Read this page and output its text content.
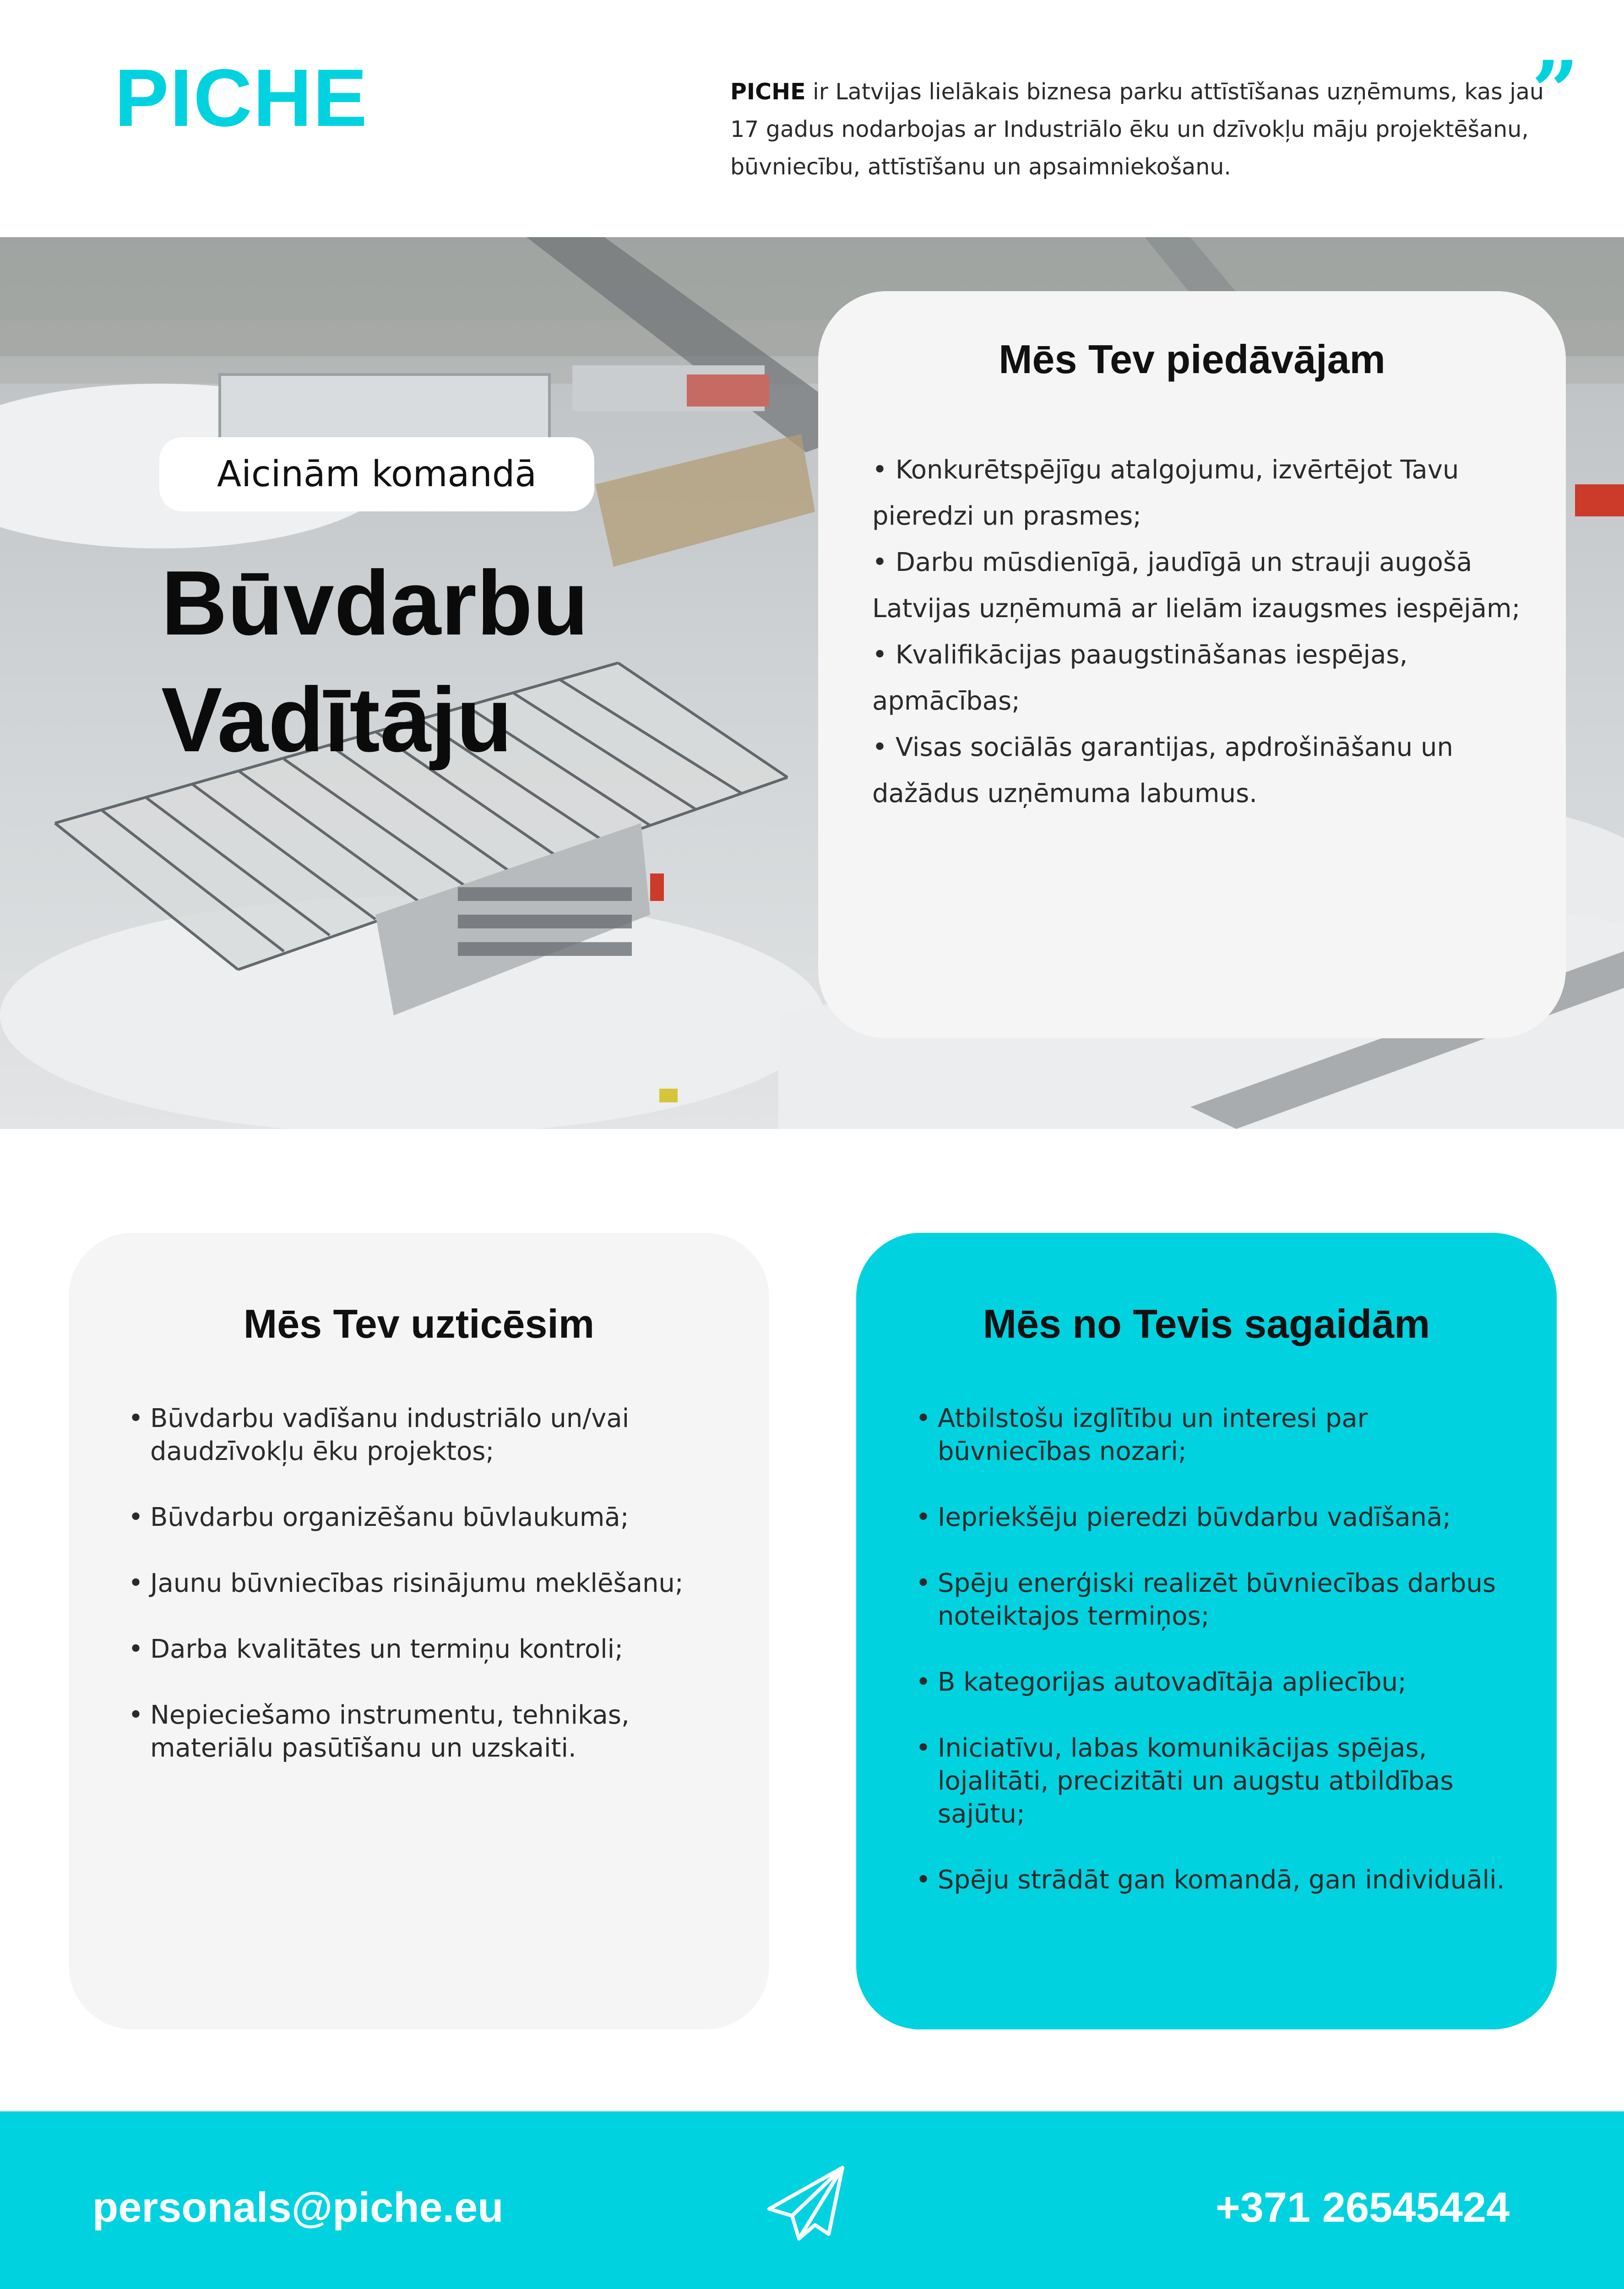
PICHE	PICHE ir Latvijas lielākais biznesa parku attīstīšanas uzņēmums, kas jau 17 gadus nodarbojas ar Industriālo ēku un dzīvokļu māju projektēšanu, būvniecību, attīstīšanu un apsaimniekošanu.
”
Aicinām komandā
Būvdarbu
Vadītāju
Mēs Tev piedāvājam
• Konkurētspējīgu atalgojumu, izvērtējot Tavu pieredzi un prasmes;
• Darbu mūsdienīgā, jaudīgā un strauji augošā Latvijas uzņēmumā ar lielām izaugsmes iespējām;
• Kvalifikācijas paaugstināšanas iespējas, apmācības;
• Visas sociālās garantijas, apdrošināšanu un dažādus uzņēmuma labumus.
Mēs Tev uzticēsim
• Būvdarbu vadīšanu industriālo un/vai daudzīvokļu ēku projektos;
• Būvdarbu organizēšanu būvlaukumā;
• Jaunu būvniecības risinājumu meklēšanu;
• Darba kvalitātes un termiņu kontroli;
• Nepieciešamo instrumentu, tehnikas, materiālu pasūtīšanu un uzskaiti.
Mēs no Tevis sagaidām
• Atbilstošu izglītību un interesi par būvniecības nozari;
• Iepriekšēju pieredzi būvdarbu vadīšanā;
• Spēju enerģiski realizēt būvniecības darbus noteiktajos termiņos;
• B kategorijas autovadītāja apliecību;
• Iniciatīvu, labas komunikācijas spējas, lojalitāti, precizitāti un augstu atbildības sajūtu;
• Spēju strādāt gan komandā, gan individuāli.
personals@piche.eu	+371 26545424
